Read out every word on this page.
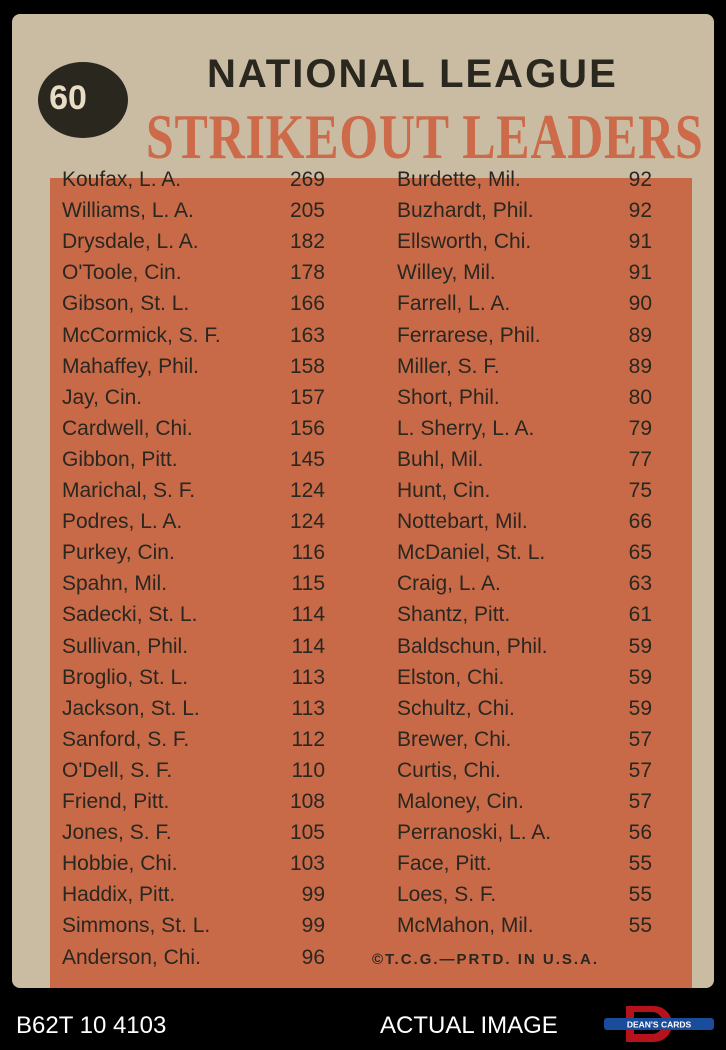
60
NATIONAL LEAGUE
STRIKEOUT LEADERS
Koufax, L. A.	269
Williams, L. A.	205
Drysdale, L. A.	182
O'Toole, Cin.	178
Gibson, St. L.	166
McCormick, S. F.	163
Mahaffey, Phil.	158
Jay, Cin.	157
Cardwell, Chi.	156
Gibbon, Pitt.	145
Marichal, S. F.	124
Podres, L. A.	124
Purkey, Cin.	116
Spahn, Mil.	115
Sadecki, St. L.	114
Sullivan, Phil.	114
Broglio, St. L.	113
Jackson, St. L.	113
Sanford, S. F.	112
O'Dell, S. F.	110
Friend, Pitt.	108
Jones, S. F.	105
Hobbie, Chi.	103
Haddix, Pitt.	99
Simmons, St. L.	99
Anderson, Chi.	96
Burdette, Mil.	92
Buzhardt, Phil.	92
Ellsworth, Chi.	91
Willey, Mil.	91
Farrell, L. A.	90
Ferrarese, Phil.	89
Miller, S. F.	89
Short, Phil.	80
L. Sherry, L. A.	79
Buhl, Mil.	77
Hunt, Cin.	75
Nottebart, Mil.	66
McDaniel, St. L.	65
Craig, L. A.	63
Shantz, Pitt.	61
Baldschun, Phil.	59
Elston, Chi.	59
Schultz, Chi.	59
Brewer, Chi.	57
Curtis, Chi.	57
Maloney, Cin.	57
Perranoski, L. A.	56
Face, Pitt.	55
Loes, S. F.	55
McMahon, Mil.	55
©T.C.G.—PRTD. IN U.S.A.
B62T 10 4103	ACTUAL IMAGE	DEAN'S CARDS
